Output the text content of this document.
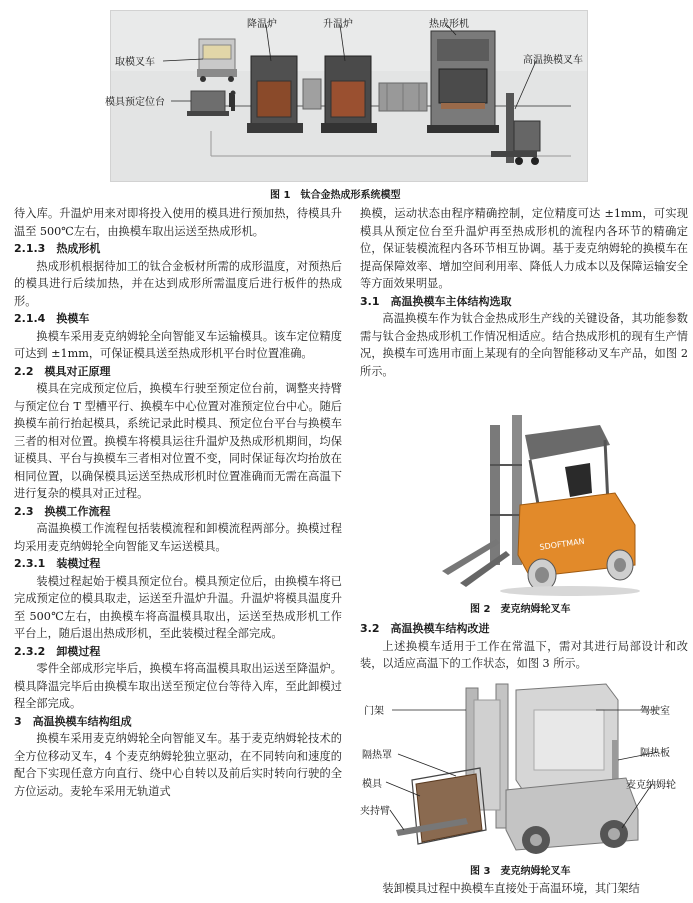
降温炉	升温炉	热成形机
取模叉车	高温换模叉车
模具预定位台
图 1　钛合金热成形系统模型

待入库。升温炉用来对即将投入使用的模具进行预加热，待模具升温至 500℃左右，由换模车取出运送至热成形机。

2.1.3　热成形机

热成形机根据待加工的钛合金板材所需的成形温度，对预热后的模具进行后续加热，并在达到成形所需温度后进行板件的热成形。

2.1.4　换模车

换模车采用麦克纳姆轮全向智能叉车运输模具。该车定位精度可达到 ±1mm，可保证模具送至热成形机平台时位置准确。

2.2　模具对正原理

模具在完成预定位后，换模车行驶至预定位台前，调整夹持臂与预定位台 T 型槽平行、换模车中心位置对准预定位台中心。随后换模车前行抬起模具，系统记录此时模具、预定位台平台与换模车三者的相对位置。换模车将模具运往升温炉及热成形机期间，均保证模具、平台与换模车三者相对位置不变，同时保证每次均抬放在相同位置，以确保模具运送至热成形机时位置准确而无需在高温下进行复杂的模具对正过程。

2.3　换模工作流程

高温换模工作流程包括装模流程和卸模流程两部分。换模过程均采用麦克纳姆轮全向智能叉车运送模具。

2.3.1　装模过程

装模过程起始于模具预定位台。模具预定位后，由换模车将已完成预定位的模具取走，运送至升温炉升温。升温炉将模具温度升至 500℃左右，由换模车将高温模具取出，运送至热成形机工作平台上，随后退出热成形机，至此装模过程全部完成。

2.3.2　卸模过程

零件全部成形完毕后，换模车将高温模具取出运送至降温炉。模具降温完毕后由换模车取出送至预定位台等待入库，至此卸模过程全部完成。

3　高温换模车结构组成

换模车采用麦克纳姆轮全向智能叉车。基于麦克纳姆轮技术的全方位移动叉车，4 个麦克纳姆轮独立驱动，在不同转向和速度的配合下实现任意方向直行、绕中心自转以及前后实时转向行驶的全方位运动。麦轮车采用无轨道式

换模，运动状态由程序精确控制，定位精度可达 ±1mm，可实现模具从预定位台至升温炉再至热成形机的流程内各环节的精确定位，保证装模流程内各环节相互协调。基于麦克纳姆轮的换模车在提高保障效率、增加空间利用率、降低人力成本以及保障运输安全等方面效果明显。

3.1　高温换模车主体结构选取

高温换模车作为钛合金热成形生产线的关键设备，其功能参数需与钛合金热成形机工作情况相适应。结合热成形机的现有生产情况，换模车可选用市面上某现有的全向智能移动叉车产品，如图 2 所示。

SDOFTMAN
图 2　麦克纳姆轮叉车
3.2　高温换模车结构改进

上述换模车适用于工作在常温下，需对其进行局部设计和改装，以适应高温下的工作状态，如图 3 所示。

门架
隔热罩
模具
夹持臂
驾驶室
隔热板
麦克纳姆轮
图 3　麦克纳姆轮叉车

装卸模具过程中换模车直接处于高温环境，其门架结
